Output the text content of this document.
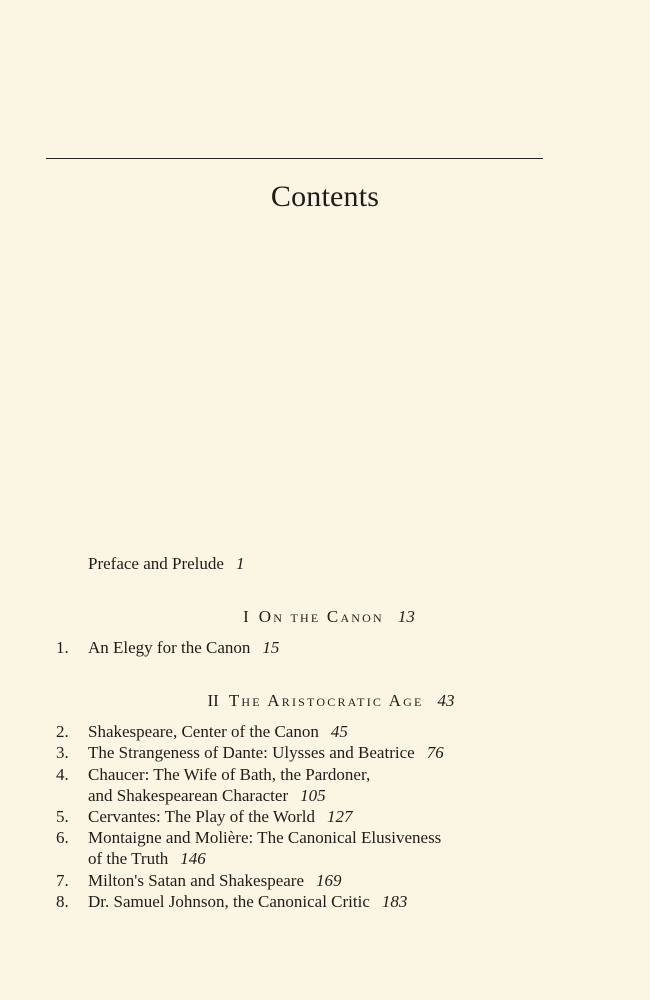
Contents
Preface and Prelude 1
I On the Canon 13
1. An Elegy for the Canon 15
II The Aristocratic Age 43
2. Shakespeare, Center of the Canon 45
3. The Strangeness of Dante: Ulysses and Beatrice 76
4. Chaucer: The Wife of Bath, the Pardoner,
and Shakespearean Character 105
5. Cervantes: The Play of the World 127
6. Montaigne and Molière: The Canonical Elusiveness
of the Truth 146
7. Milton's Satan and Shakespeare 169
8. Dr. Samuel Johnson, the Canonical Critic 183
